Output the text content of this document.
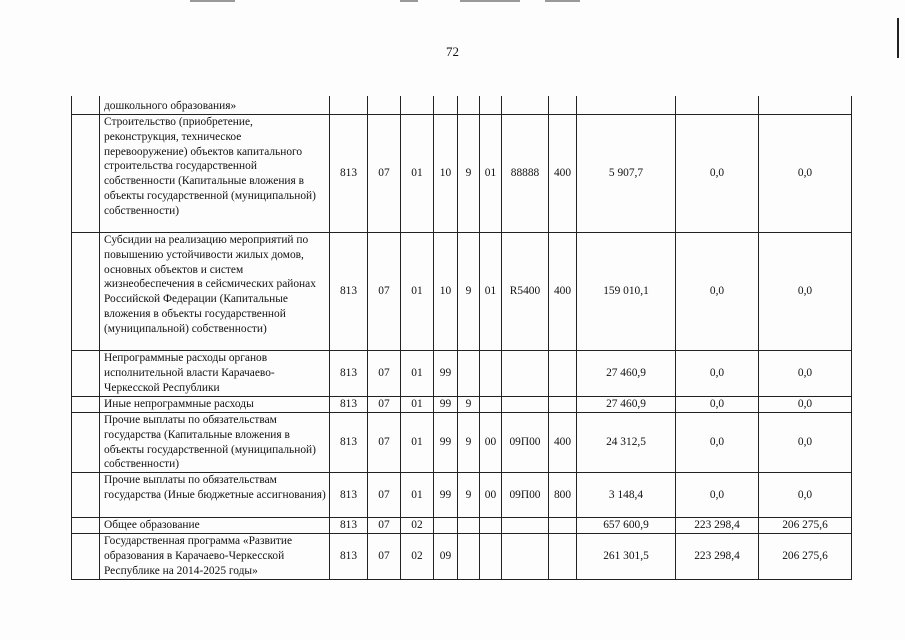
72
	дошкольного образования»											
	Строительство (приобретение, реконструкция, техническое перевооружение) объектов капитального строительства государственной собственности (Капитальные вложения в объекты государственной (муниципальной) собственности)	813	07	01	10	9	01	88888	400	5 907,7	0,0	0,0
	Субсидии на реализацию мероприятий по повышению устойчивости жилых домов, основных объектов и систем жизнеобеспечения в сейсмических районах Российской Федерации (Капитальные вложения в объекты государственной (муниципальной) собственности)	813	07	01	10	9	01	R5400	400	159 010,1	0,0	0,0
	Непрограммные расходы органов исполнительной власти Карачаево-Черкесской Республики	813	07	01	99					27 460,9	0,0	0,0
	Иные непрограммные расходы	813	07	01	99	9				27 460,9	0,0	0,0
	Прочие выплаты по обязательствам государства (Капитальные вложения в объекты государственной (муниципальной) собственности)	813	07	01	99	9	00	09П00	400	24 312,5	0,0	0,0
	Прочие выплаты по обязательствам государства (Иные бюджетные ассигнования)	813	07	01	99	9	00	09П00	800	3 148,4	0,0	0,0
	Общее образование	813	07	02						657 600,9	223 298,4	206 275,6
	Государственная программа «Развитие образования в Карачаево-Черкесской Республике на 2014-2025 годы»	813	07	02	09					261 301,5	223 298,4	206 275,6
